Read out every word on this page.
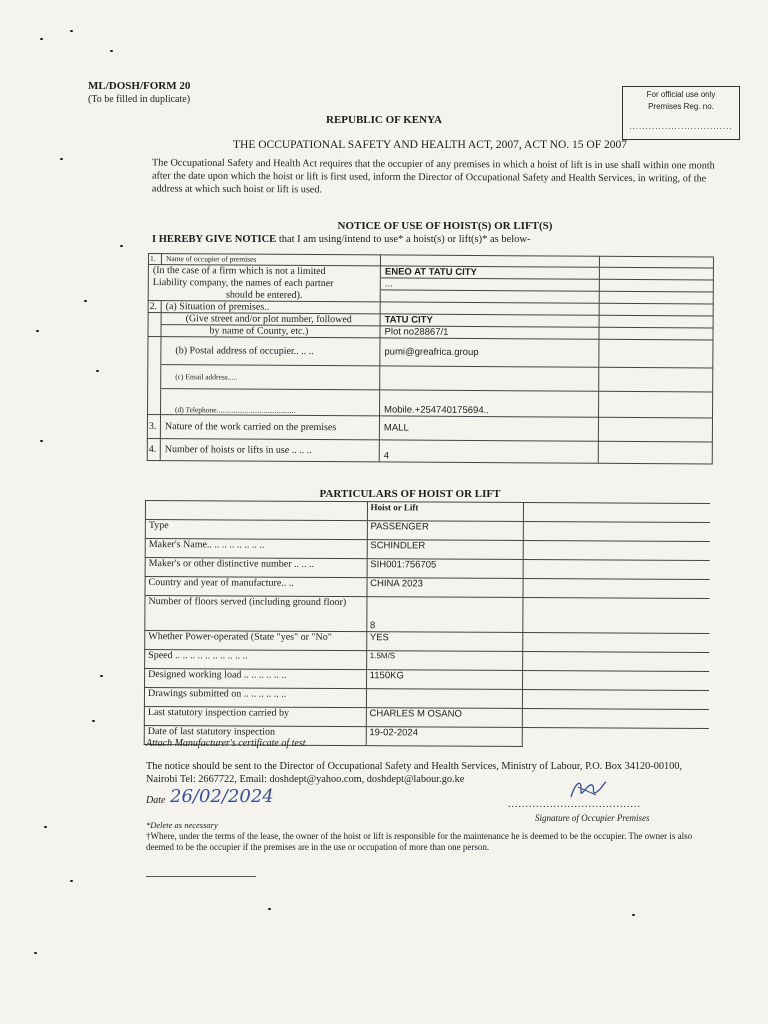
ML/DOSH/FORM 20
(To be filled in duplicate)	For official use only
Premises Reg. no.
................................
REPUBLIC OF KENYA
THE OCCUPATIONAL SAFETY AND HEALTH ACT, 2007, ACT NO. 15 OF 2007
The Occupational Safety and Health Act requires that the occupier of any premises in which a hoist of lift is in use shall within one month after the date upon which the hoist or lift is first used, inform the Director of Occupational Safety and Health Services, in writing, of the address at which such hoist or lift is used.
NOTICE OF USE OF HOIST(S) OR LIFT(S)
I HEREBY GIVE NOTICE that I am using/intend to use* a hoist(s) or lift(s)* as below-
1.	Name of occupier of premises		
(In the case of a firm which is not a limited		ENEO AT TATU CITY	
Liability company, the names of each partner		...	
should be entered).			
2.	(a) Situation of premises..		
	(Give street and/or plot number, followed	TATU CITY	
	by name of County, etc.)	Plot no28867/1	
	(b) Postal address of occupier.. .. ..	pumi@greafrica.group	
	(c) Email address.....		
	(d) Telephone..........................................	Mobile.+254740175694..	
3.	Nature of the work carried on the premises	MALL	
4.	Number of hoists or lifts in use .. .. ..	4	
PARTICULARS OF HOIST OR LIFT
	Hoist or Lift	
Type	PASSENGER	
Maker's Name.. .. .. .. .. .. .. ..	SCHINDLER	
Maker's or other distinctive number .. .. ..	SIH001:756705	
Country and year of manufacture.. ..	CHINA 2023	
Number of floors served (including ground floor)	8	
Whether Power-operated (State "yes" or "No"	YES	
Speed .. .. .. .. .. .. .. .. .. ..	1.5M/S	
Designed working load .. .. .. .. .. ..	1150KG	
Drawings submitted on .. .. .. .. .. ..		
Last statutory inspection carried by	CHARLES M OSANO	
Date of last statutory inspection	19-02-2024	
Attach Manufacturer's certificate of test
The notice should be sent to the Director of Occupational Safety and Health Services, Ministry of Labour, P.O. Box 34120-00100, Nairobi Tel: 2667722, Email: doshdept@yahoo.com, doshdept@labour.go.ke
Date 26/02/2024	......................................
Signature of Occupier Premises
*Delete as necessary
†Where, under the terms of the lease, the owner of the hoist or lift is responsible for the maintenance he is deemed to be the occupier. The owner is also deemed to be the occupier if the premises are in the use or occupation of more than one person.
